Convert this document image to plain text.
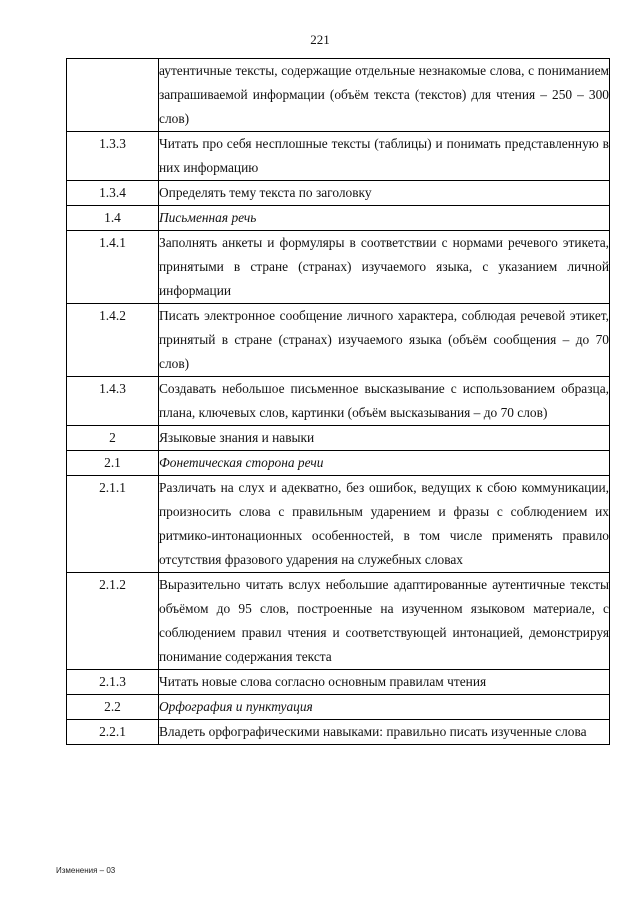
221
	аутентичные тексты, содержащие отдельные незнакомые слова, с пониманием запрашиваемой информации (объём текста (текстов) для чтения – 250 – 300 слов)
1.3.3	Читать про себя несплошные тексты (таблицы) и понимать представленную в них информацию
1.3.4	Определять тему текста по заголовку
1.4	Письменная речь
1.4.1	Заполнять анкеты и формуляры в соответствии с нормами речевого этикета, принятыми в стране (странах) изучаемого языка, с указанием личной информации
1.4.2	Писать электронное сообщение личного характера, соблюдая речевой этикет, принятый в стране (странах) изучаемого языка (объём сообщения – до 70 слов)
1.4.3	Создавать небольшое письменное высказывание с использованием образца, плана, ключевых слов, картинки (объём высказывания – до 70 слов)
2	Языковые знания и навыки
2.1	Фонетическая сторона речи
2.1.1	Различать на слух и адекватно, без ошибок, ведущих к сбою коммуникации, произносить слова с правильным ударением и фразы с соблюдением их ритмико-интонационных особенностей, в том числе применять правило отсутствия фразового ударения на служебных словах
2.1.2	Выразительно читать вслух небольшие адаптированные аутентичные тексты объёмом до 95 слов, построенные на изученном языковом материале, с соблюдением правил чтения и соответствующей интонацией, демонстрируя понимание содержания текста
2.1.3	Читать новые слова согласно основным правилам чтения
2.2	Орфография и пунктуация
2.2.1	Владеть орфографическими навыками: правильно писать изученные слова
Изменения – 03
